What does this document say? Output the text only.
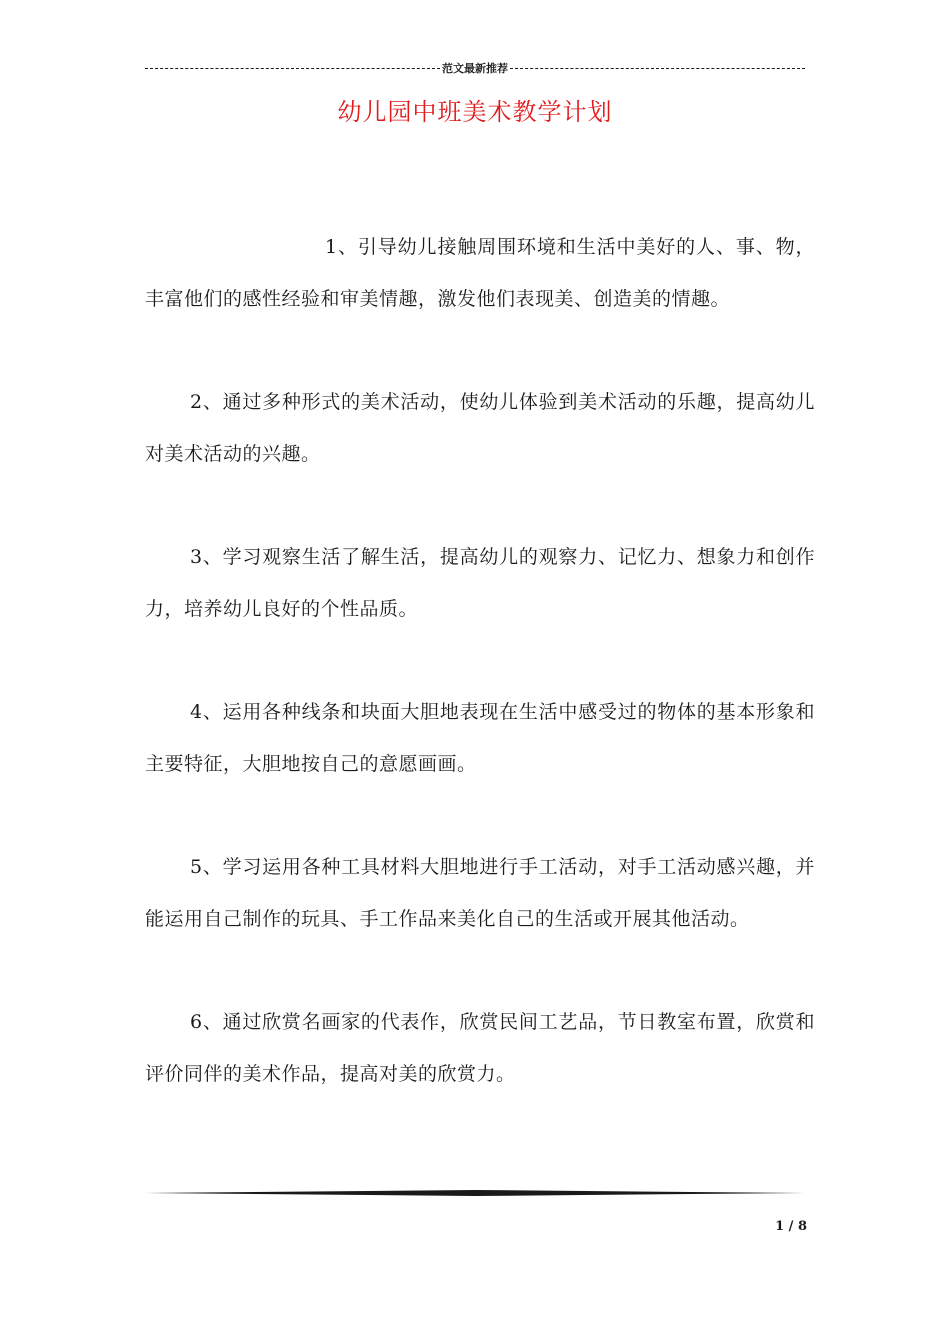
范文最新推荐
幼儿园中班美术教学计划

1、引导幼儿接触周围环境和生活中美好的人、事、物，丰富他们的感性经验和审美情趣，激发他们表现美、创造美的情趣。

2、通过多种形式的美术活动，使幼儿体验到美术活动的乐趣，提高幼儿对美术活动的兴趣。

3、学习观察生活了解生活，提高幼儿的观察力、记忆力、想象力和创作力，培养幼儿良好的个性品质。

4、运用各种线条和块面大胆地表现在生活中感受过的物体的基本形象和主要特征，大胆地按自己的意愿画画。

5、学习运用各种工具材料大胆地进行手工活动，对手工活动感兴趣，并能运用自己制作的玩具、手工作品来美化自己的生活或开展其他活动。

6、通过欣赏名画家的代表作，欣赏民间工艺品，节日教室布置，欣赏和评价同伴的美术作品，提高对美的欣赏力。

1 / 8
